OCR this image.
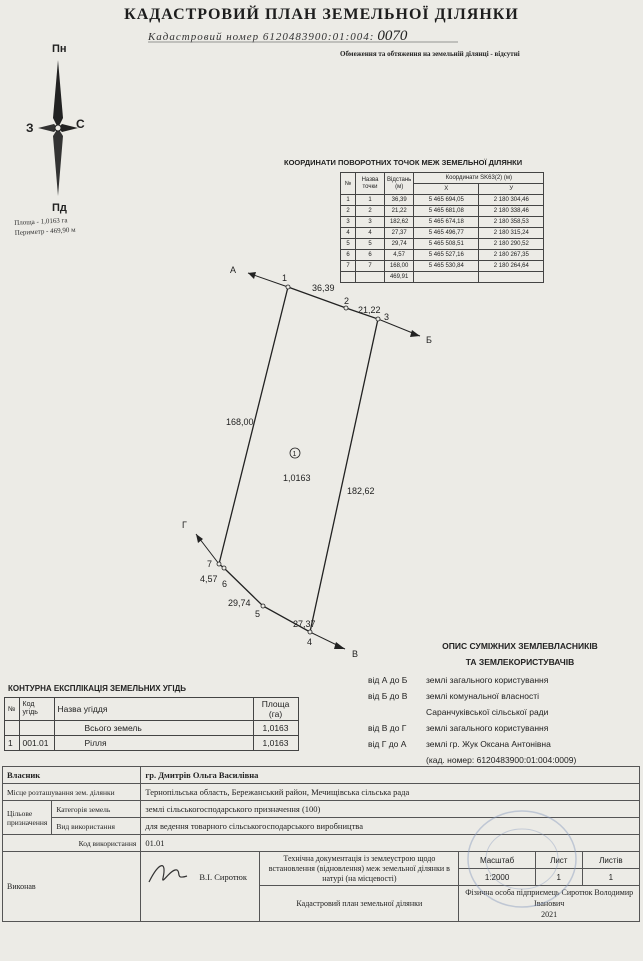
КАДАСТРОВИЙ ПЛАН ЗЕМЕЛЬНОЇ ДІЛЯНКИ
Кадастровий номер 6120483900:01:004: 0070
Обмеження та обтяження на земельній ділянці - відсутні
Пн
Пд
З	С
Площа - 1,0163 га
Периметр - 469,90 м
КООРДИНАТИ ПОВОРОТНИХ ТОЧОК МЕЖ ЗЕМЕЛЬНОЇ ДІЛЯНКИ
№	Назва точки	Відстань (м)	Координати SK63(2) (м)	
			Х	У
1	1	36,39	5 465 694,05	2 180 304,46
2	2	21,22	5 465 681,08	2 180 338,46
3	3	182,62	5 465 674,18	2 180 358,53
4	4	27,37	5 465 496,77	2 180 315,24
5	5	29,74	5 465 508,51	2 180 290,52
6	6	4,57	5 465 527,16	2 180 267,35
7	7	168,00	5 465 530,84	2 180 264,64
		469,91		
А
Б
В
Г
1
2
3
4
5
6
7
36,39
21,22
182,62
27,37
29,74
4,57
168,00
1,0163
1
ОПИС СУМІЖНИХ ЗЕМЛЕВЛАСНИКІВ
ТА ЗЕМЛЕКОРИСТУВАЧІВ
від А до Б землі загального користування
від Б до В землі комунальної власності
Саранчуківської сільської ради
від В до Г землі загального користування
від Г до А землі гр. Жук Оксана Антонівна
(кад. номер: 6120483900:01:004:0009)
КОНТУРНА ЕКСПЛІКАЦІЯ ЗЕМЕЛЬНИХ УГІДЬ
№	Код угідь	Назва угіддя	Площа (га)
		Всього земель	1,0163
1	001.01	Рілля	1,0163
Власник	гр. Дмитрів Ольга Василівна
Місце розташування зем. ділянки	Тернопільська область, Бережанський район, Мечищівська сільська рада
Цільове призначення	Категорія земель	землі сільськогосподарського призначення (100)
Вид використання	для ведення товарного сільськогосподарського виробництва
Код використання	01.01
Виконав	
В.І. Сиротюк
	Технічна документація із землеустрою щодо встановлення (відновлення) меж земельної ділянки в натурі (на місцевості)	
Масштаб	Лист	Листів
1:2000	1	1

Кадастровий план земельної ділянки	
Фізична особа підприємець Сиротюк Володимир Іванович
2021
